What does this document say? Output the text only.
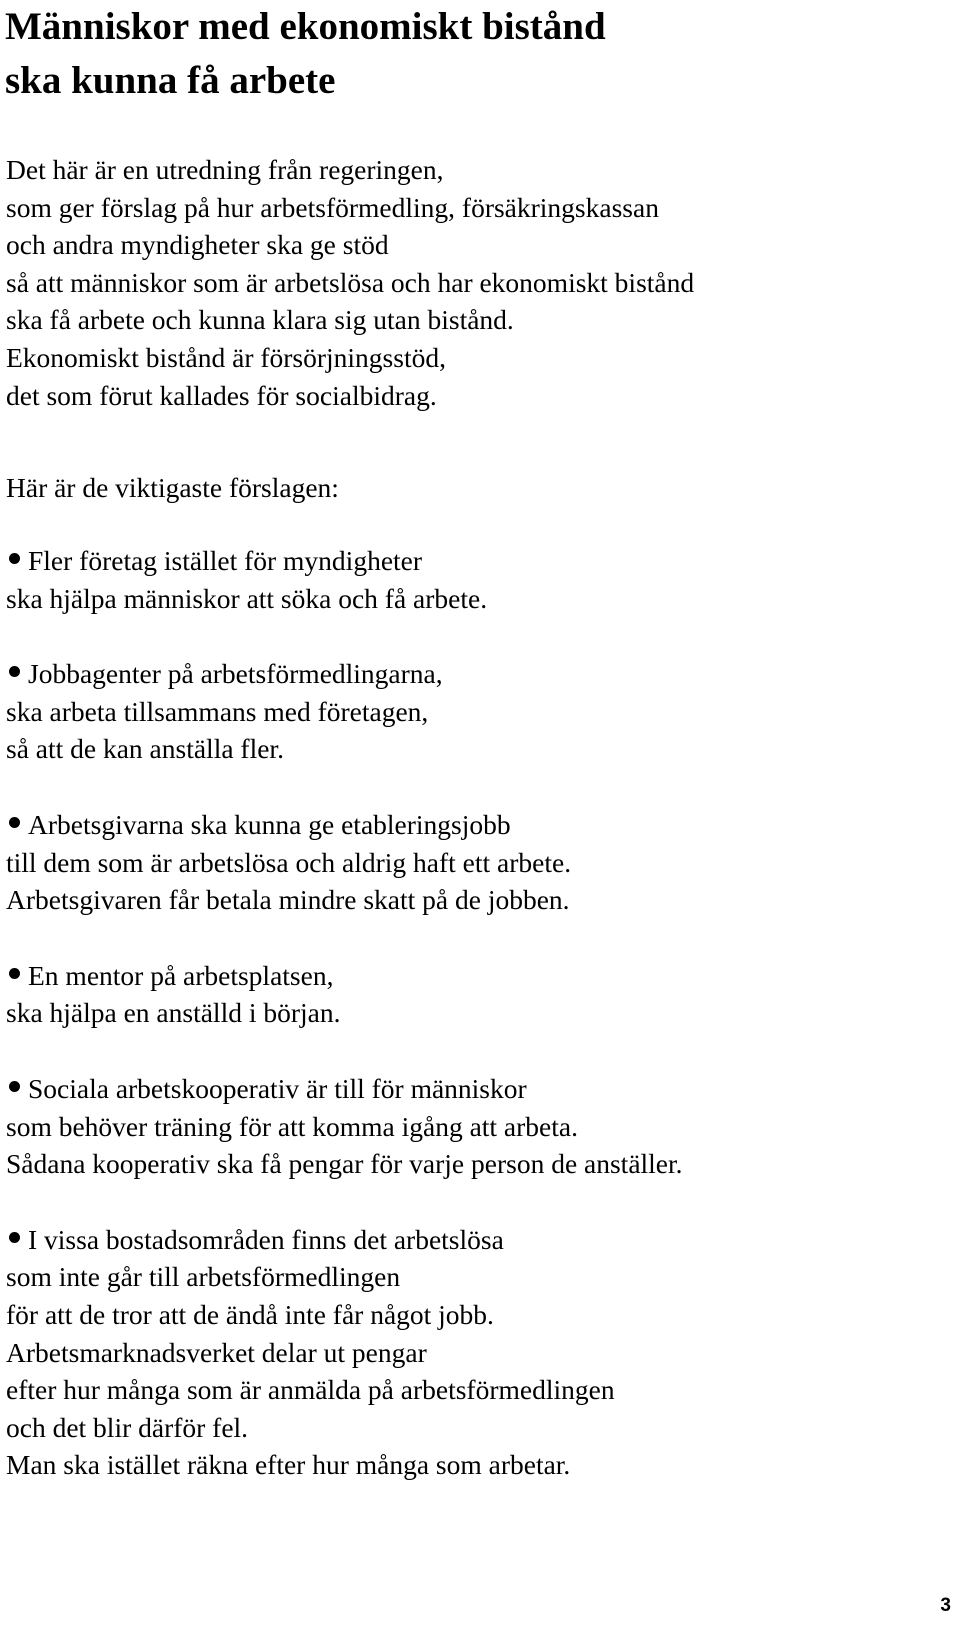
Människor med ekonomiskt bistånd
ska kunna få arbete

Det här är en utredning från regeringen,
som ger förslag på hur arbetsförmedling, försäkringskassan
och andra myndigheter ska ge stöd
så att människor som är arbetslösa och har ekonomiskt bistånd
ska få arbete och kunna klara sig utan bistånd.
Ekonomiskt bistånd är försörjningsstöd,
det som förut kallades för socialbidrag.

Här är de viktigaste förslagen:

Fler företag istället för myndigheter
ska hjälpa människor att söka och få arbete.
Jobbagenter på arbetsförmedlingarna,
ska arbeta tillsammans med företagen,
så att de kan anställa fler.
Arbetsgivarna ska kunna ge etableringsjobb
till dem som är arbetslösa och aldrig haft ett arbete.
Arbetsgivaren får betala mindre skatt på de jobben.
En mentor på arbetsplatsen,
ska hjälpa en anställd i början.
Sociala arbetskooperativ är till för människor
som behöver träning för att komma igång att arbeta.
Sådana kooperativ ska få pengar för varje person de anställer.
I vissa bostadsområden finns det arbetslösa
som inte går till arbetsförmedlingen
för att de tror att de ändå inte får något jobb.
Arbetsmarknadsverket delar ut pengar
efter hur många som är anmälda på arbetsförmedlingen
och det blir därför fel.
Man ska istället räkna efter hur många som arbetar.
3
